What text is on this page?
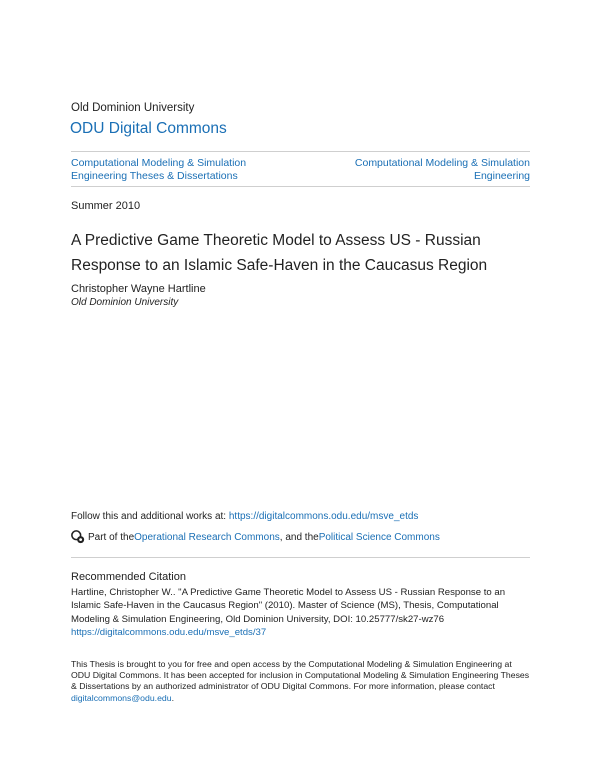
Old Dominion University
ODU Digital Commons
Computational Modeling & Simulation Engineering Theses & Dissertations
Computational Modeling & Simulation Engineering
Summer 2010
A Predictive Game Theoretic Model to Assess US - Russian Response to an Islamic Safe-Haven in the Caucasus Region
Christopher Wayne Hartline
Old Dominion University
Follow this and additional works at: https://digitalcommons.odu.edu/msve_etds
Part of the Operational Research Commons , and the Political Science Commons
Recommended Citation
Hartline, Christopher W.. "A Predictive Game Theoretic Model to Assess US - Russian Response to an Islamic Safe-Haven in the Caucasus Region" (2010). Master of Science (MS), Thesis, Computational Modeling & Simulation Engineering, Old Dominion University, DOI: 10.25777/sk27-wz76
https://digitalcommons.odu.edu/msve_etds/37
This Thesis is brought to you for free and open access by the Computational Modeling & Simulation Engineering at ODU Digital Commons. It has been accepted for inclusion in Computational Modeling & Simulation Engineering Theses & Dissertations by an authorized administrator of ODU Digital Commons. For more information, please contact digitalcommons@odu.edu.
